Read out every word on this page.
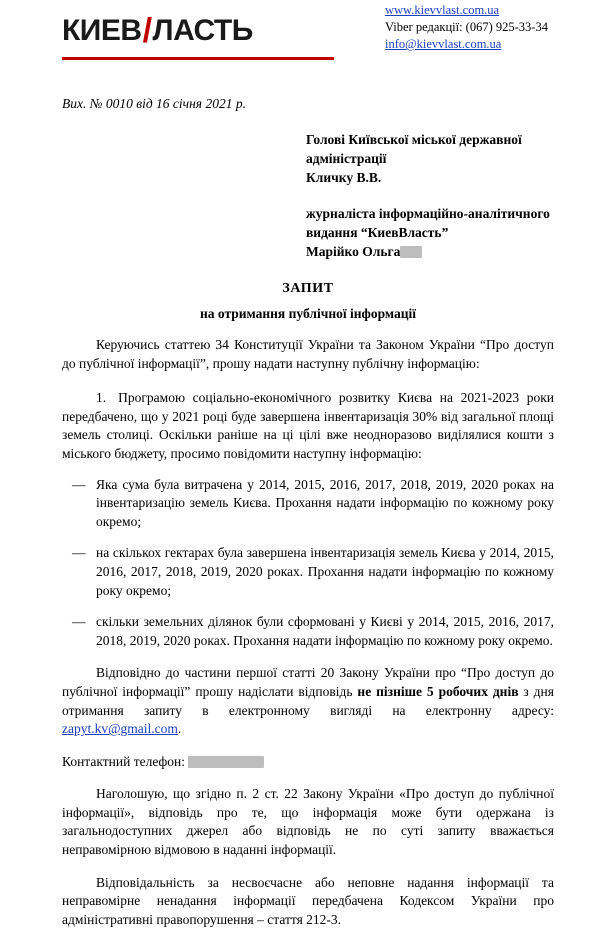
КИЕВ/ЛАСТЬ
www.kievvlast.com.ua
Viber редакції: (067) 925-33-34
info@kievvlast.com.ua
Вих. № 0010 від 16 січня 2021 р.
Голові Київської міської державної адміністрації
Кличку В.В.
журналіста інформаційно-аналітичного видання “КиевВласть”
Марійко Ольга
ЗАПИТ
на отримання публічної інформації

Керуючись статтею 34 Конституції України та Законом України “Про доступ до публічної інформації”, прошу надати наступну публічну інформацію:

1. Програмою соціально-економічного розвитку Києва на 2021-2023 роки передбачено, що у 2021 році буде завершена інвентаризація 30% від загальної площі земель столиці. Оскільки раніше на ці цілі вже неодноразово виділялися кошти з міського бюджету, просимо повідомити наступну інформацію:

— Яка сума була витрачена у 2014, 2015, 2016, 2017, 2018, 2019, 2020 роках на інвентаризацію земель Києва. Прохання надати інформацію по кожному року окремо;
— на скількох гектарах була завершена інвентаризація земель Києва у 2014, 2015, 2016, 2017, 2018, 2019, 2020 роках. Прохання надати інформацію по кожному року окремо;
— скільки земельних ділянок були сформовані у Києві у 2014, 2015, 2016, 2017, 2018, 2019, 2020 роках. Прохання надати інформацію по кожному року окремо.

Відповідно до частини першої статті 20 Закону України про “Про доступ до публічної інформації” прошу надіслати відповідь не пізніше 5 робочих днів з дня отримання запиту в електронному вигляді на електронну адресу: zapyt.kv@gmail.com.

Контактний телефон:

Наголошую, що згідно п. 2 ст. 22 Закону України «Про доступ до публічної інформації», відповідь про те, що інформація може бути одержана із загальнодоступних джерел або відповідь не по суті запиту вважається неправомірною відмовою в наданні інформації.

Відповідальність за несвоєчасне або неповне надання інформації та неправомірне ненадання інформації передбачена Кодексом України про адміністративні правопорушення – стаття 212-3.
